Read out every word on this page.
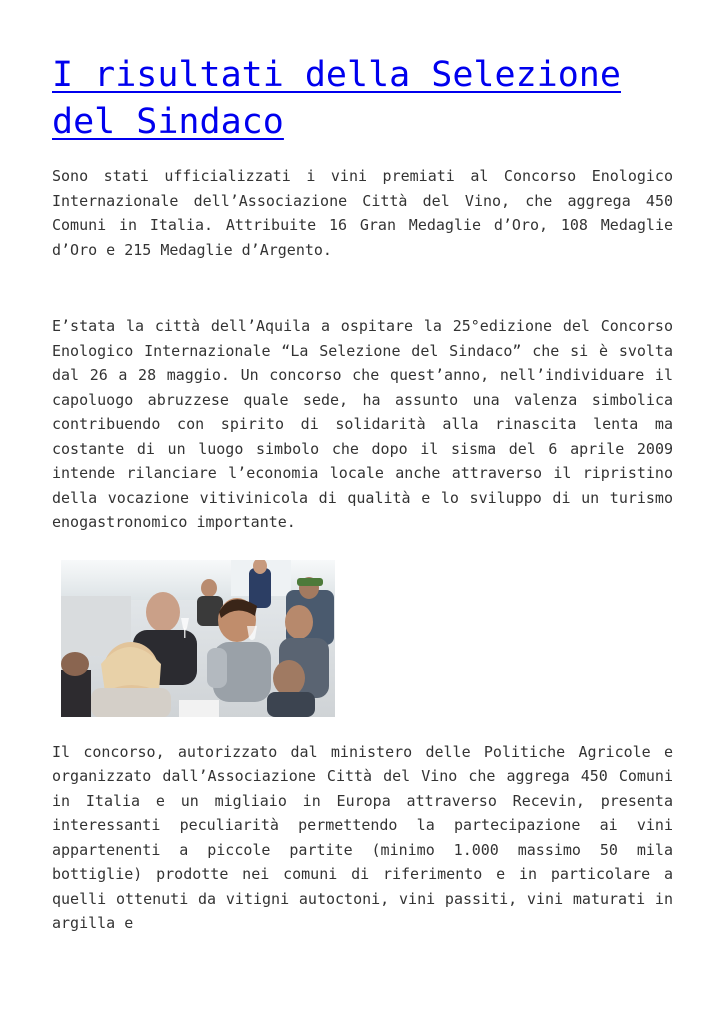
I risultati della Selezione del Sindaco

Sono stati ufficializzati i vini premiati al Concorso Enologico Internazionale dell’Associazione Città del Vino, che aggrega 450 Comuni in Italia. Attribuite 16 Gran Medaglie d’Oro, 108 Medaglie d’Oro e 215 Medaglie d’Argento.

E’stata la città dell’Aquila a ospitare la 25°edizione del Concorso Enologico Internazionale “La Selezione del Sindaco” che si è svolta dal 26 a 28 maggio. Un concorso che quest’anno, nell’individuare il capoluogo abruzzese quale sede, ha assunto una valenza simbolica contribuendo con spirito di solidarità alla rinascita lenta ma costante di un luogo simbolo che dopo il sisma del 6 aprile 2009 intende rilanciare l’economia locale anche attraverso il ripristino della vocazione vitivinicola di qualità e lo sviluppo di un turismo enogastronomico importante.

Il concorso, autorizzato dal ministero delle Politiche Agricole e organizzato dall’Associazione Città del Vino che aggrega 450 Comuni in Italia e un migliaio in Europa attraverso Recevin, presenta interessanti peculiarità permettendo la partecipazione ai vini appartenenti a piccole partite (minimo 1.000 massimo 50 mila bottiglie) prodotte nei comuni di riferimento e in particolare a quelli ottenuti da vitigni autoctoni, vini passiti, vini maturati in argilla e
